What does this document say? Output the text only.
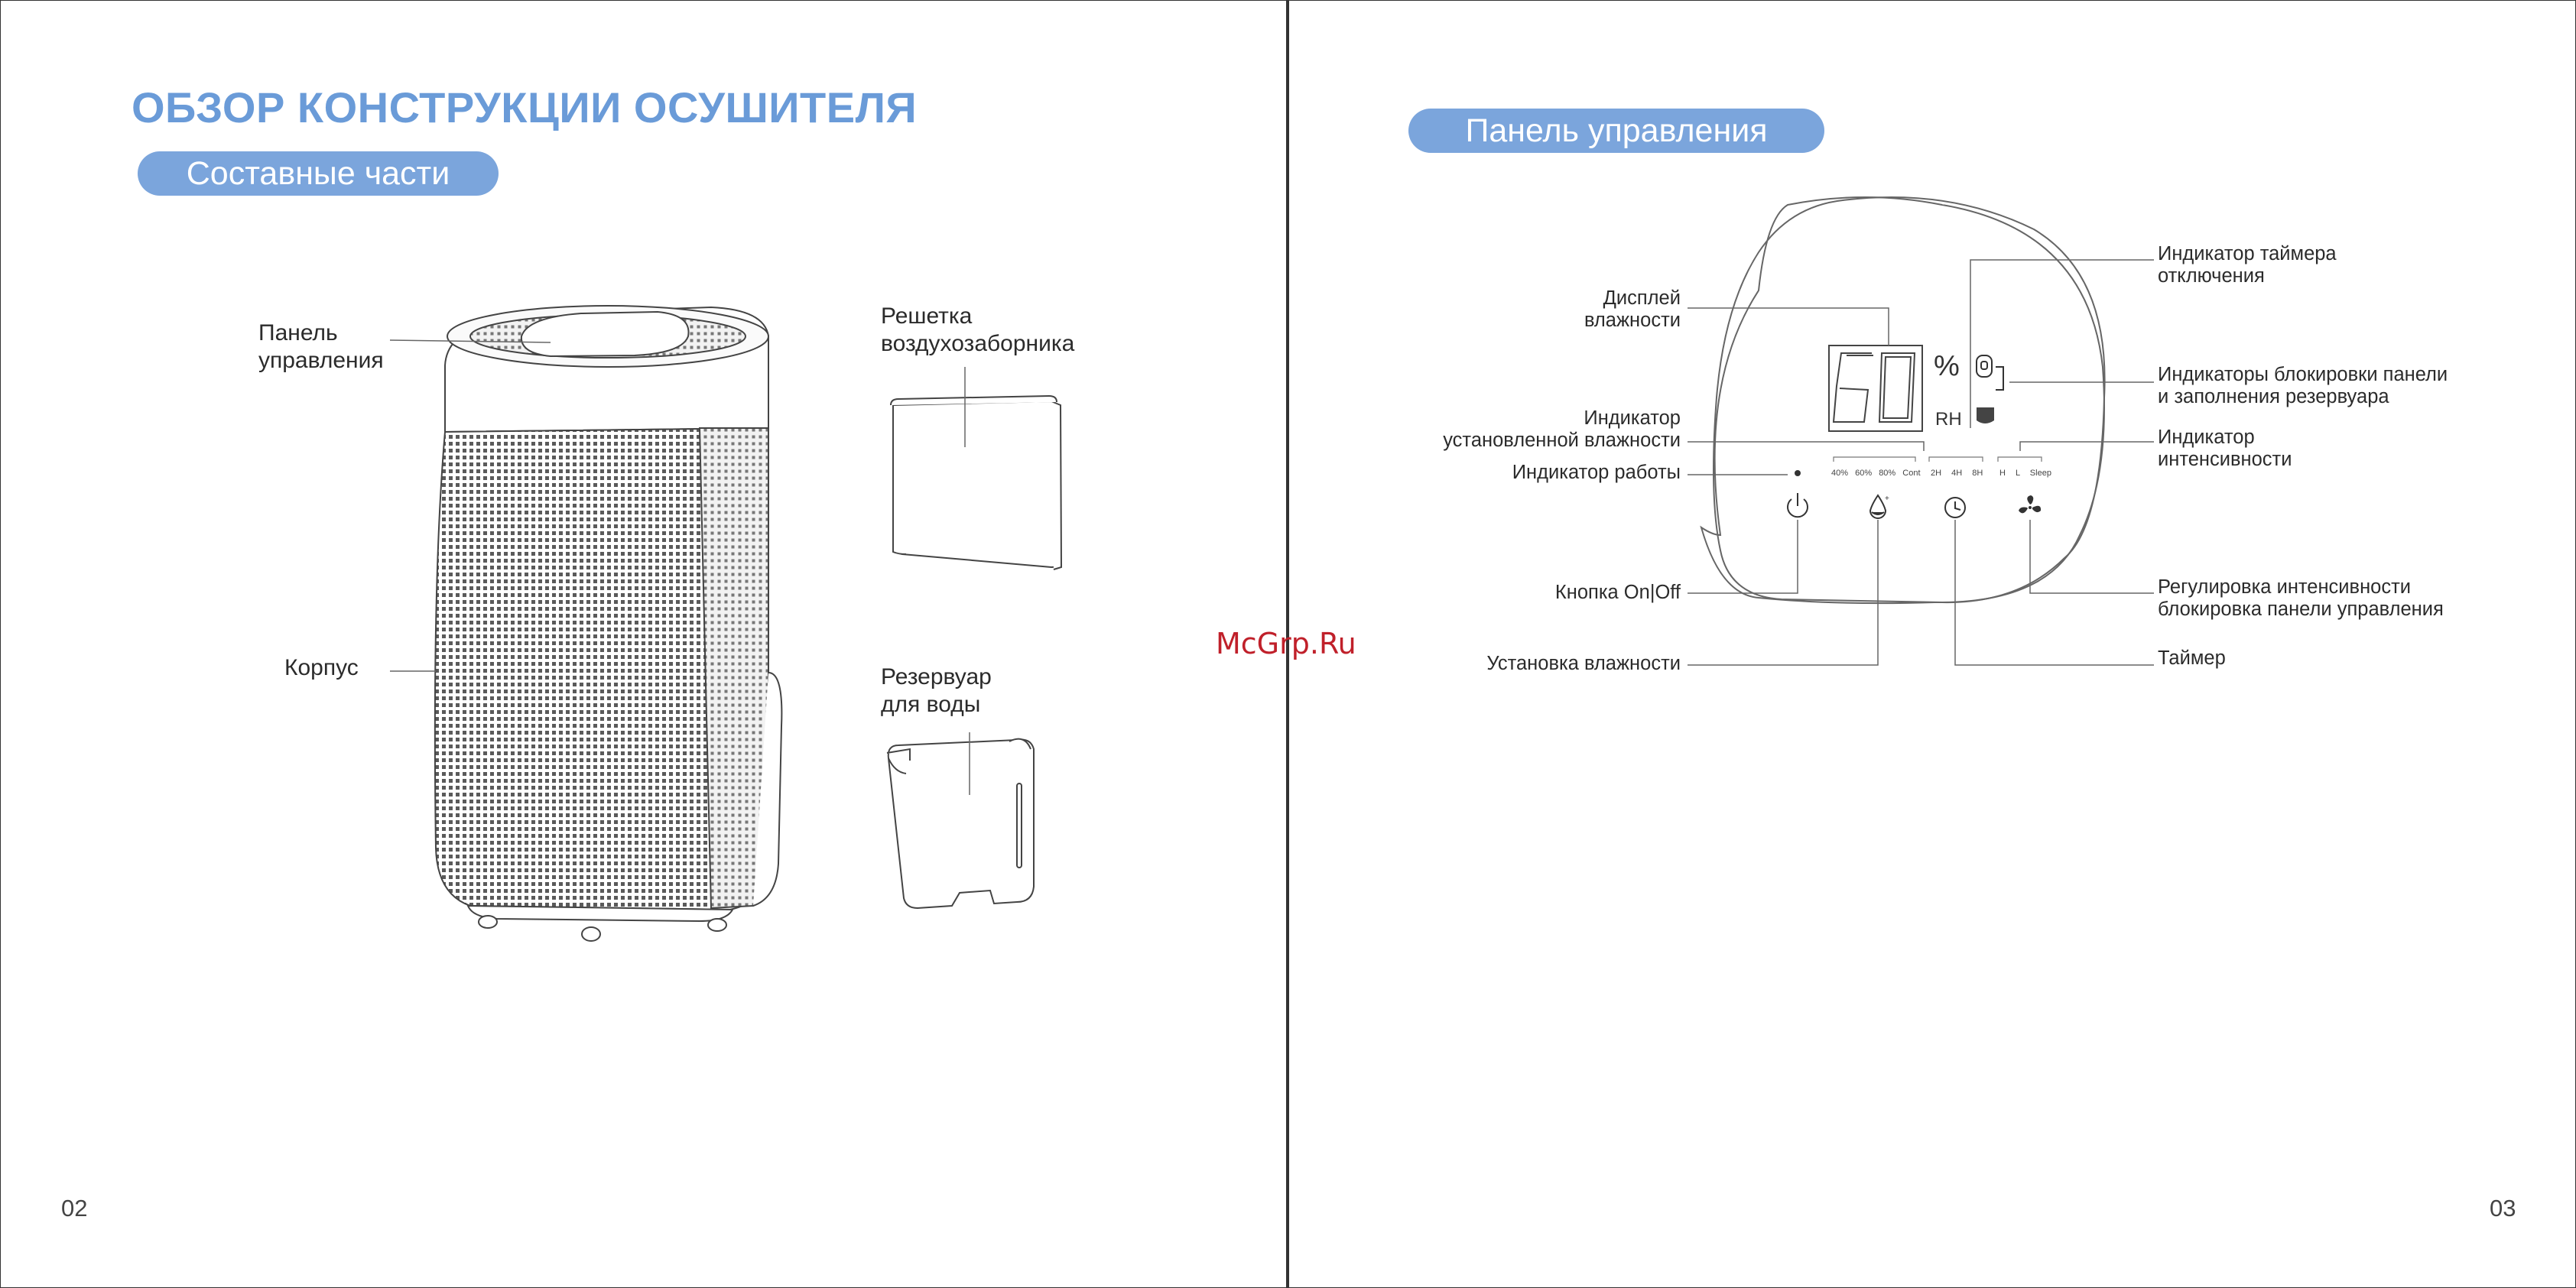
ОБЗОР КОНСТРУКЦИИ ОСУШИТЕЛЯ
Составные части
Панель
управления
Решетка
воздухозаборника
Корпус	Резервуар
для воды
%
RH
40% 60% 80% Cont 2H 4H 8H H L Sleep
+
Панель управления
Дисплей
влажности
Индикатор
установленной влажности
Индикатор работы
Кнопка On|Off
Установка влажности
Индикатор таймера
отключения
Индикаторы блокировки панели
и заполнения резервуара
Индикатор
интенсивности
Регулировка интенсивности
блокировка панели управления
Таймер
McGrp.Ru
02	03
